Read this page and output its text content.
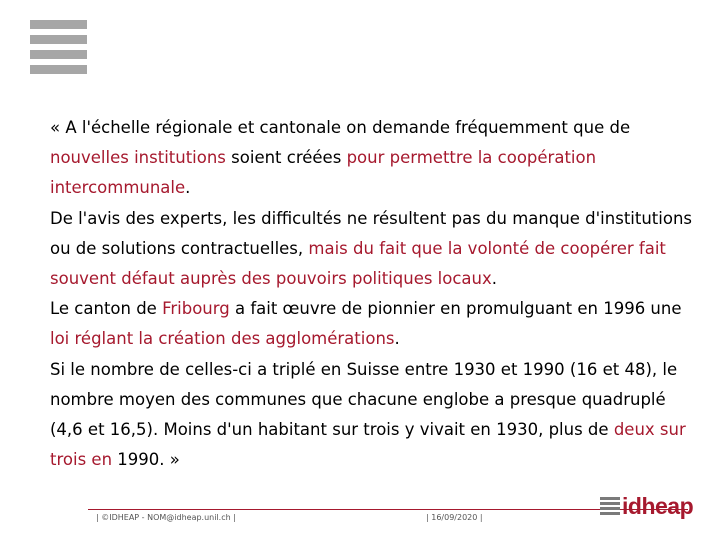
« A l'échelle régionale et cantonale on demande fréquemment que de nouvelles institutions soient créées pour permettre la coopération intercommunale.

De l'avis des experts, les difficultés ne résultent pas du manque d'institutions ou de solutions contractuelles, mais du fait que la volonté de coopérer fait souvent défaut auprès des pouvoirs politiques locaux.

Le canton de Fribourg a fait œuvre de pionnier en promulguant en 1996 une loi réglant la création des agglomérations.

Si le nombre de celles-ci a triplé en Suisse entre 1930 et 1990 (16 et 48), le nombre moyen des communes que chacune englobe a presque quadruplé (4,6 et 16,5). Moins d'un habitant sur trois y vivait en 1930, plus de deux sur trois en 1990. »

| ©IDHEAP - NOM@idheap.unil.ch |	| 16/09/2020 |	idheap
